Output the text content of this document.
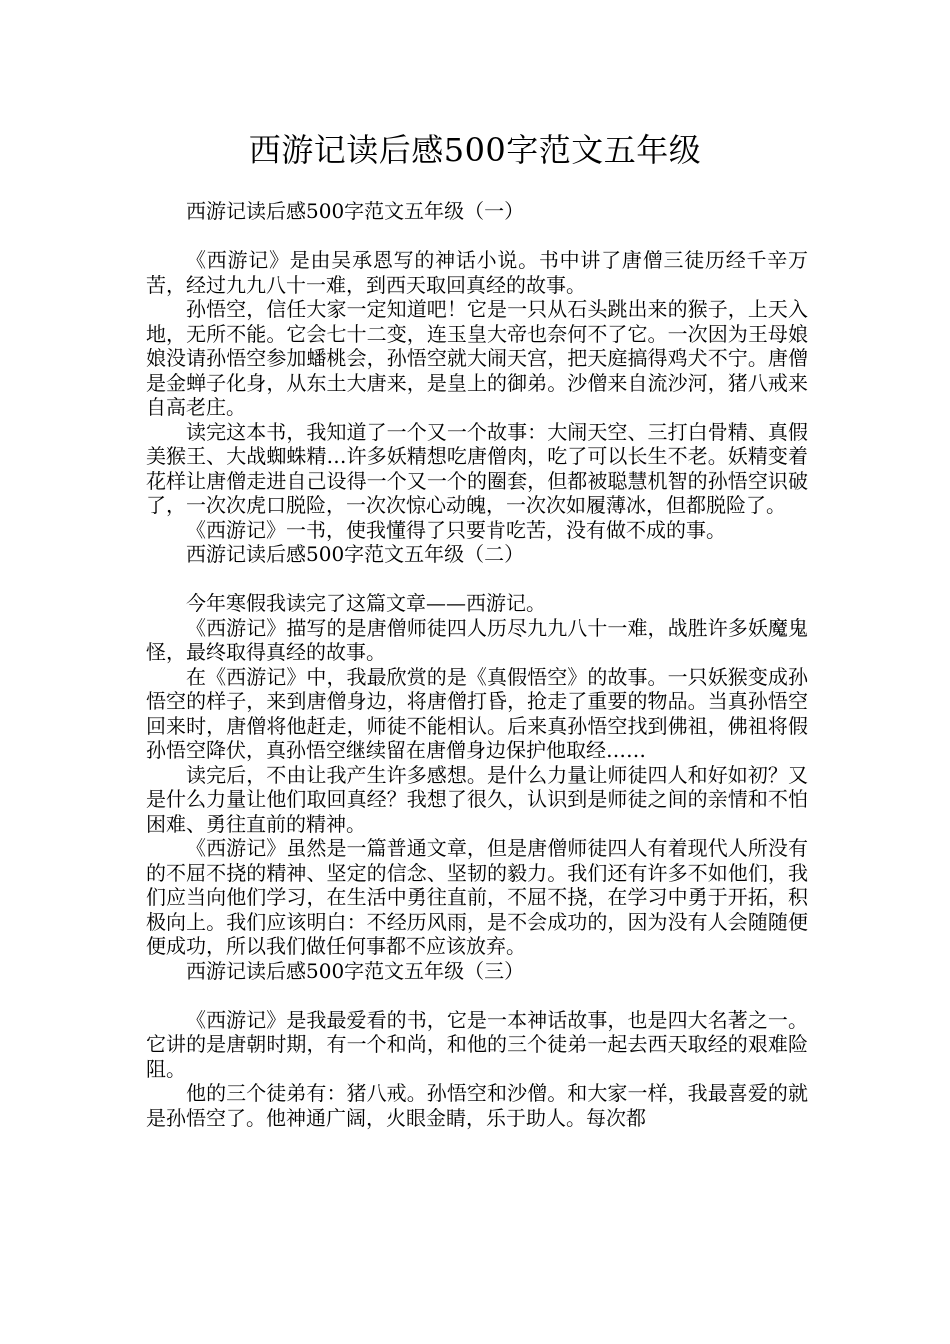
西游记读后感500字范文五年级

西游记读后感500字范文五年级（一）

《西游记》是由吴承恩写的神话小说。书中讲了唐僧三徒历经千辛万苦，经过九九八十一难，到西天取回真经的故事。

孙悟空，信任大家一定知道吧！它是一只从石头跳出来的猴子，上天入地，无所不能。它会七十二变，连玉皇大帝也奈何不了它。一次因为王母娘娘没请孙悟空参加蟠桃会，孙悟空就大闹天宫，把天庭搞得鸡犬不宁。唐僧是金蝉子化身，从东土大唐来，是皇上的御弟。沙僧来自流沙河，猪八戒来自高老庄。

读完这本书，我知道了一个又一个故事：大闹天空、三打白骨精、真假美猴王、大战蜘蛛精…许多妖精想吃唐僧肉，吃了可以长生不老。妖精变着花样让唐僧走进自己设得一个又一个的圈套，但都被聪慧机智的孙悟空识破了，一次次虎口脱险，一次次惊心动魄，一次次如履薄冰，但都脱险了。

《西游记》一书，使我懂得了只要肯吃苦，没有做不成的事。

西游记读后感500字范文五年级（二）

今年寒假我读完了这篇文章——西游记。

《西游记》描写的是唐僧师徒四人历尽九九八十一难，战胜许多妖魔鬼怪，最终取得真经的故事。

在《西游记》中，我最欣赏的是《真假悟空》的故事。一只妖猴变成孙悟空的样子，来到唐僧身边，将唐僧打昏，抢走了重要的物品。当真孙悟空回来时，唐僧将他赶走，师徒不能相认。后来真孙悟空找到佛祖，佛祖将假孙悟空降伏，真孙悟空继续留在唐僧身边保护他取经……

读完后，不由让我产生许多感想。是什么力量让师徒四人和好如初？又是什么力量让他们取回真经？我想了很久，认识到是师徒之间的亲情和不怕困难、勇往直前的精神。

《西游记》虽然是一篇普通文章，但是唐僧师徒四人有着现代人所没有的不屈不挠的精神、坚定的信念、坚韧的毅力。我们还有许多不如他们，我们应当向他们学习，在生活中勇往直前，不屈不挠，在学习中勇于开拓，积极向上。我们应该明白：不经历风雨，是不会成功的，因为没有人会随随便便成功，所以我们做任何事都不应该放弃。

西游记读后感500字范文五年级（三）

《西游记》是我最爱看的书，它是一本神话故事，也是四大名著之一。它讲的是唐朝时期，有一个和尚，和他的三个徒弟一起去西天取经的艰难险阻。

他的三个徒弟有：猪八戒。孙悟空和沙僧。和大家一样，我最喜爱的就是孙悟空了。他神通广阔，火眼金睛，乐于助人。每次都
